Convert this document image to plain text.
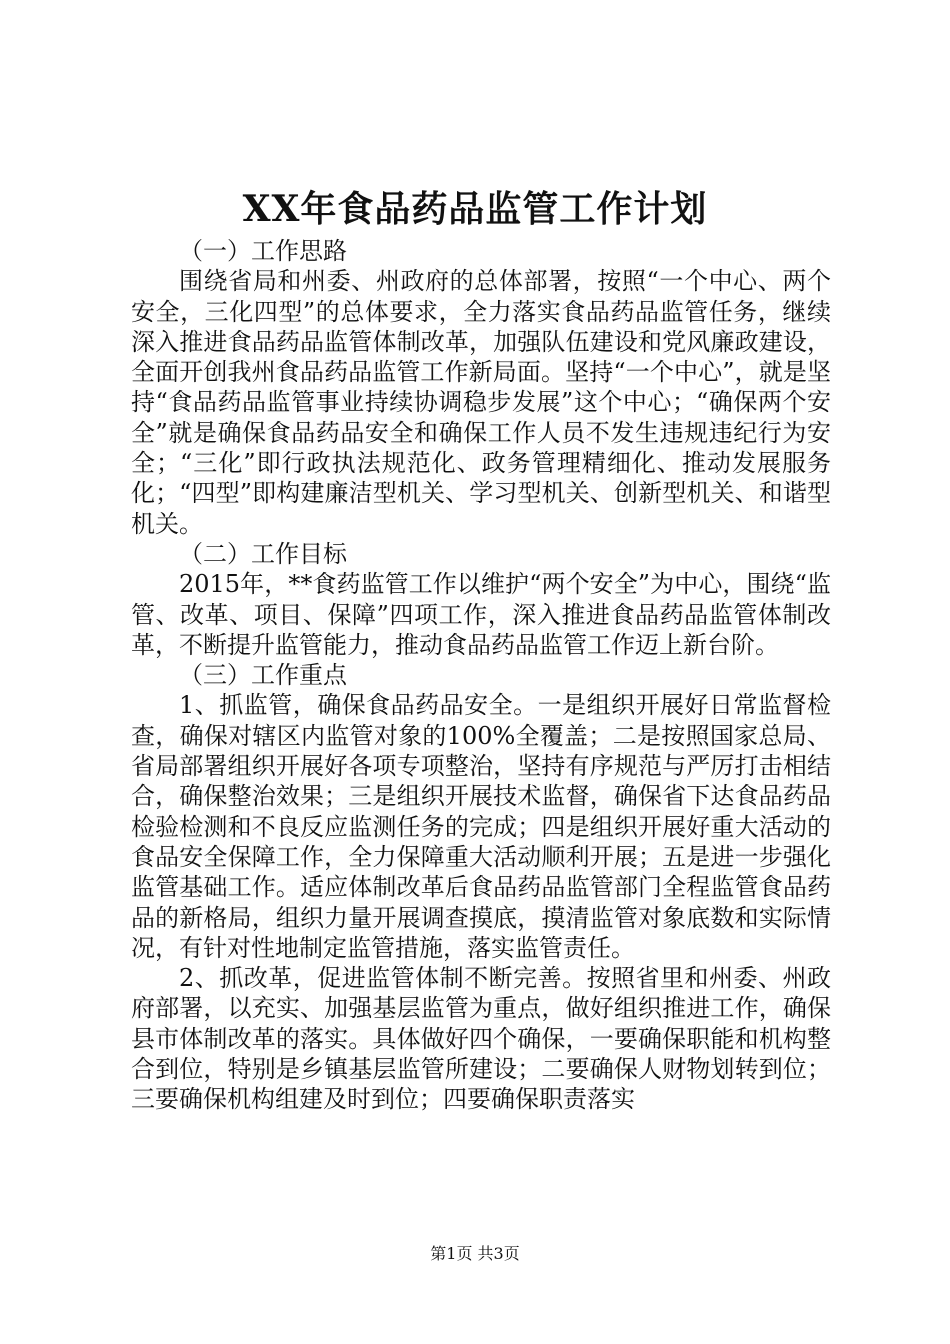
XX年食品药品监管工作计划

（一）工作思路

围绕省局和州委、州政府的总体部署，按照“一个中心、两个安全，三化四型”的总体要求，全力落实食品药品监管任务，继续深入推进食品药品监管体制改革，加强队伍建设和党风廉政建设，全面开创我州食品药品监管工作新局面。坚持“一个中心”，就是坚持“食品药品监管事业持续协调稳步发展”这个中心；“确保两个安全”就是确保食品药品安全和确保工作人员不发生违规违纪行为安全；“三化”即行政执法规范化、政务管理精细化、推动发展服务化；“四型”即构建廉洁型机关、学习型机关、创新型机关、和谐型机关。

（二）工作目标

2015年，**食药监管工作以维护“两个安全”为中心，围绕“监管、改革、项目、保障”四项工作，深入推进食品药品监管体制改革，不断提升监管能力，推动食品药品监管工作迈上新台阶。

（三）工作重点

1、抓监管，确保食品药品安全。一是组织开展好日常监督检查，确保对辖区内监管对象的100%全覆盖；二是按照国家总局、省局部署组织开展好各项专项整治，坚持有序规范与严厉打击相结合，确保整治效果；三是组织开展技术监督，确保省下达食品药品检验检测和不良反应监测任务的完成；四是组织开展好重大活动的食品安全保障工作，全力保障重大活动顺利开展；五是进一步强化监管基础工作。适应体制改革后食品药品监管部门全程监管食品药品的新格局，组织力量开展调查摸底，摸清监管对象底数和实际情况，有针对性地制定监管措施，落实监管责任。

2、抓改革，促进监管体制不断完善。按照省里和州委、州政府部署，以充实、加强基层监管为重点，做好组织推进工作，确保县市体制改革的落实。具体做好四个确保，一要确保职能和机构整合到位，特别是乡镇基层监管所建设；二要确保人财物划转到位；三要确保机构组建及时到位；四要确保职责落实

第1页 共3页
